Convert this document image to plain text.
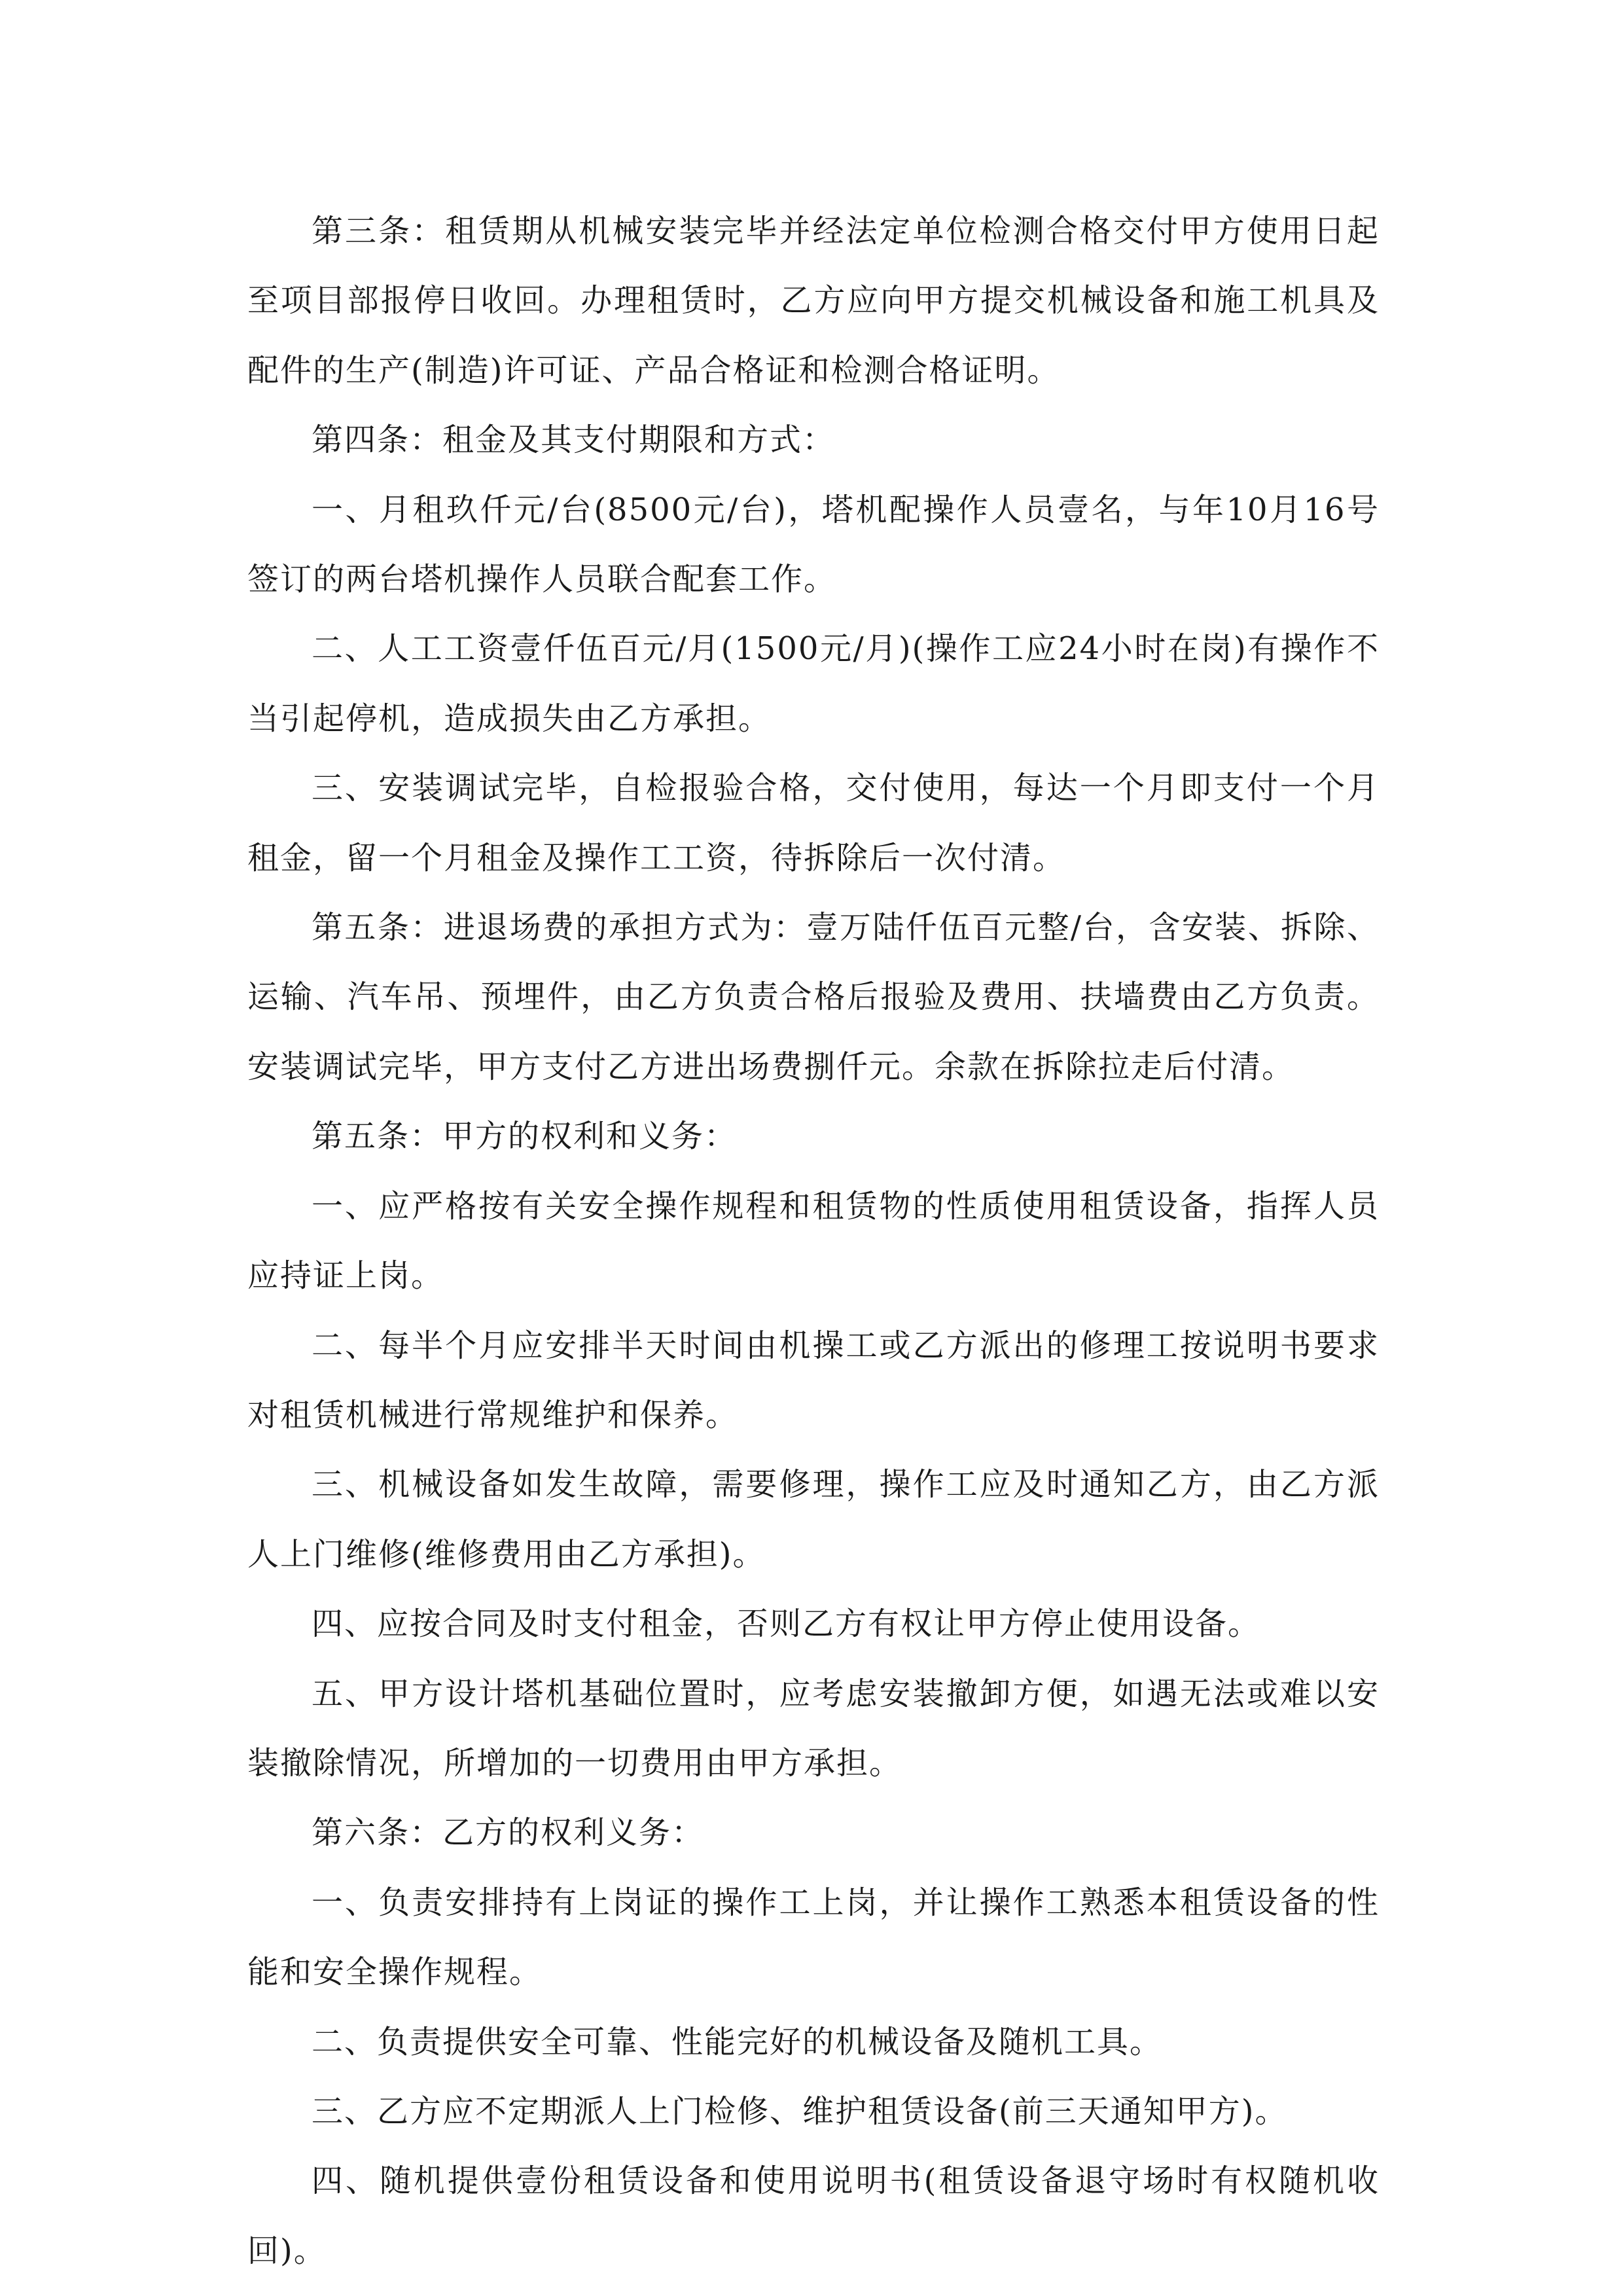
第三条：租赁期从机械安装完毕并经法定单位检测合格交付甲方使用日起至项目部报停日收回。办理租赁时，乙方应向甲方提交机械设备和施工机具及配件的生产(制造)许可证、产品合格证和检测合格证明。

第四条：租金及其支付期限和方式：

一、月租玖仟元/台(8500元/台)，塔机配操作人员壹名，与年10月16号签订的两台塔机操作人员联合配套工作。

二、人工工资壹仟伍百元/月(1500元/月)(操作工应24小时在岗)有操作不当引起停机，造成损失由乙方承担。

三、安装调试完毕，自检报验合格，交付使用，每达一个月即支付一个月租金，留一个月租金及操作工工资，待拆除后一次付清。

第五条：进退场费的承担方式为：壹万陆仟伍百元整/台，含安装、拆除、运输、汽车吊、预埋件，由乙方负责合格后报验及费用、扶墙费由乙方负责。安装调试完毕，甲方支付乙方进出场费捌仟元。余款在拆除拉走后付清。

第五条：甲方的权利和义务：

一、应严格按有关安全操作规程和租赁物的性质使用租赁设备，指挥人员应持证上岗。

二、每半个月应安排半天时间由机操工或乙方派出的修理工按说明书要求对租赁机械进行常规维护和保养。

三、机械设备如发生故障，需要修理，操作工应及时通知乙方，由乙方派人上门维修(维修费用由乙方承担)。

四、应按合同及时支付租金，否则乙方有权让甲方停止使用设备。

五、甲方设计塔机基础位置时，应考虑安装撤卸方便，如遇无法或难以安装撤除情况，所增加的一切费用由甲方承担。

第六条：乙方的权利义务：

一、负责安排持有上岗证的操作工上岗，并让操作工熟悉本租赁设备的性能和安全操作规程。

二、负责提供安全可靠、性能完好的机械设备及随机工具。

三、乙方应不定期派人上门检修、维护租赁设备(前三天通知甲方)。

四、随机提供壹份租赁设备和使用说明书(租赁设备退守场时有权随机收回)。
